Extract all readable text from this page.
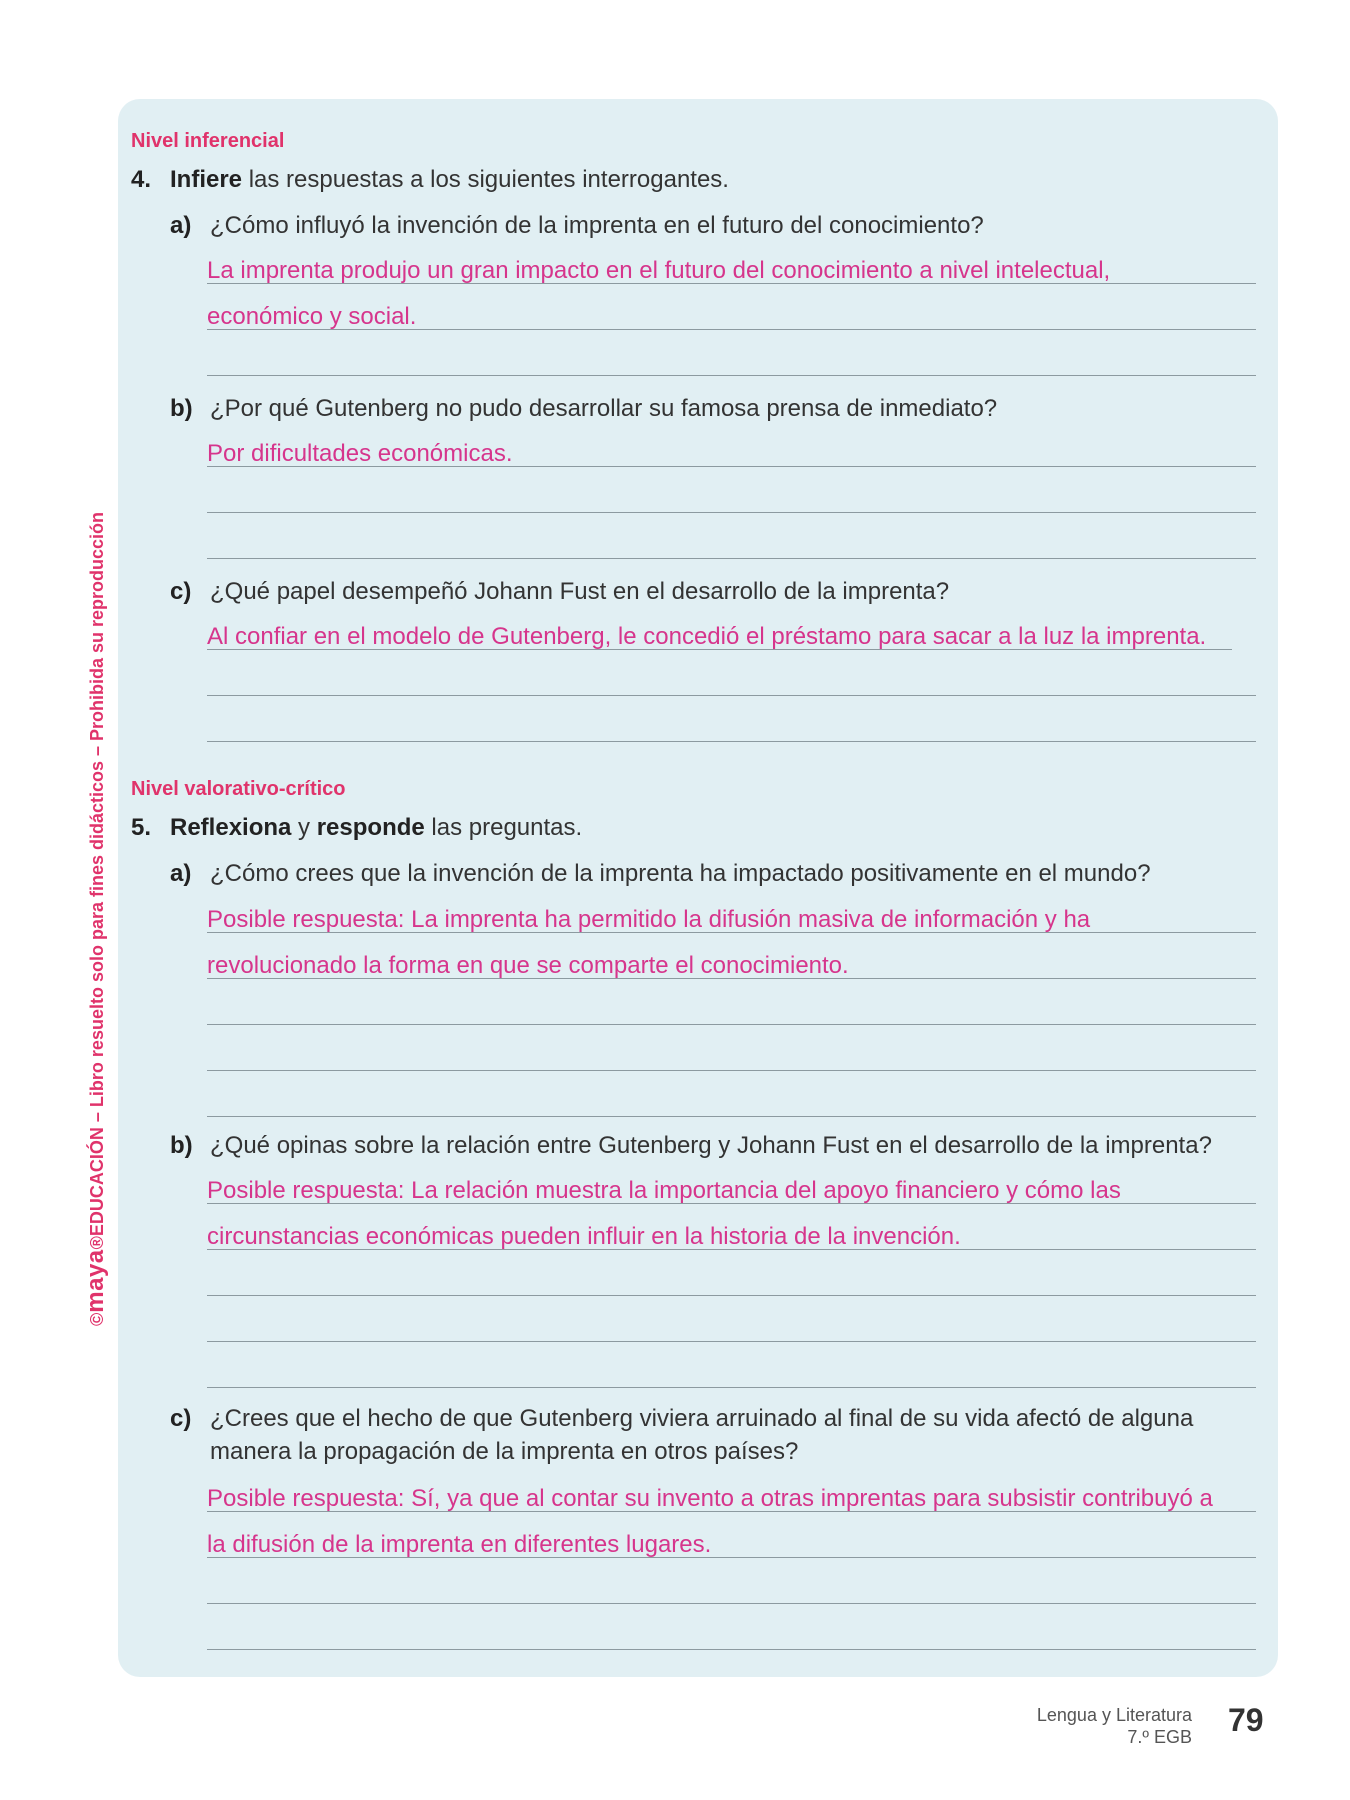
©maya®EDUCACIÓN – Libro resuelto solo para fines didácticos – Prohibida su reproducción
Nivel inferencial
4. Infiere las respuestas a los siguientes interrogantes.
a) ¿Cómo influyó la invención de la imprenta en el futuro del conocimiento?
La imprenta produjo un gran impacto en el futuro del conocimiento a nivel intelectual,
económico y social.
b) ¿Por qué Gutenberg no pudo desarrollar su famosa prensa de inmediato?
Por dificultades económicas.
c) ¿Qué papel desempeñó Johann Fust en el desarrollo de la imprenta?
Al confiar en el modelo de Gutenberg, le concedió el préstamo para sacar a la luz la imprenta.
Nivel valorativo-crítico
5. Reflexiona y responde las preguntas.
a) ¿Cómo crees que la invención de la imprenta ha impactado positivamente en el mundo?
Posible respuesta: La imprenta ha permitido la difusión masiva de información y ha
revolucionado la forma en que se comparte el conocimiento.
b) ¿Qué opinas sobre la relación entre Gutenberg y Johann Fust en el desarrollo de la imprenta?
Posible respuesta: La relación muestra la importancia del apoyo financiero y cómo las
circunstancias económicas pueden influir en la historia de la invención.
c) ¿Crees que el hecho de que Gutenberg viviera arruinado al final de su vida afectó de alguna
manera la propagación de la imprenta en otros países?
Posible respuesta: Sí, ya que al contar su invento a otras imprentas para subsistir contribuyó a
la difusión de la imprenta en diferentes lugares.
Lengua y Literatura
7.º EGB 79
